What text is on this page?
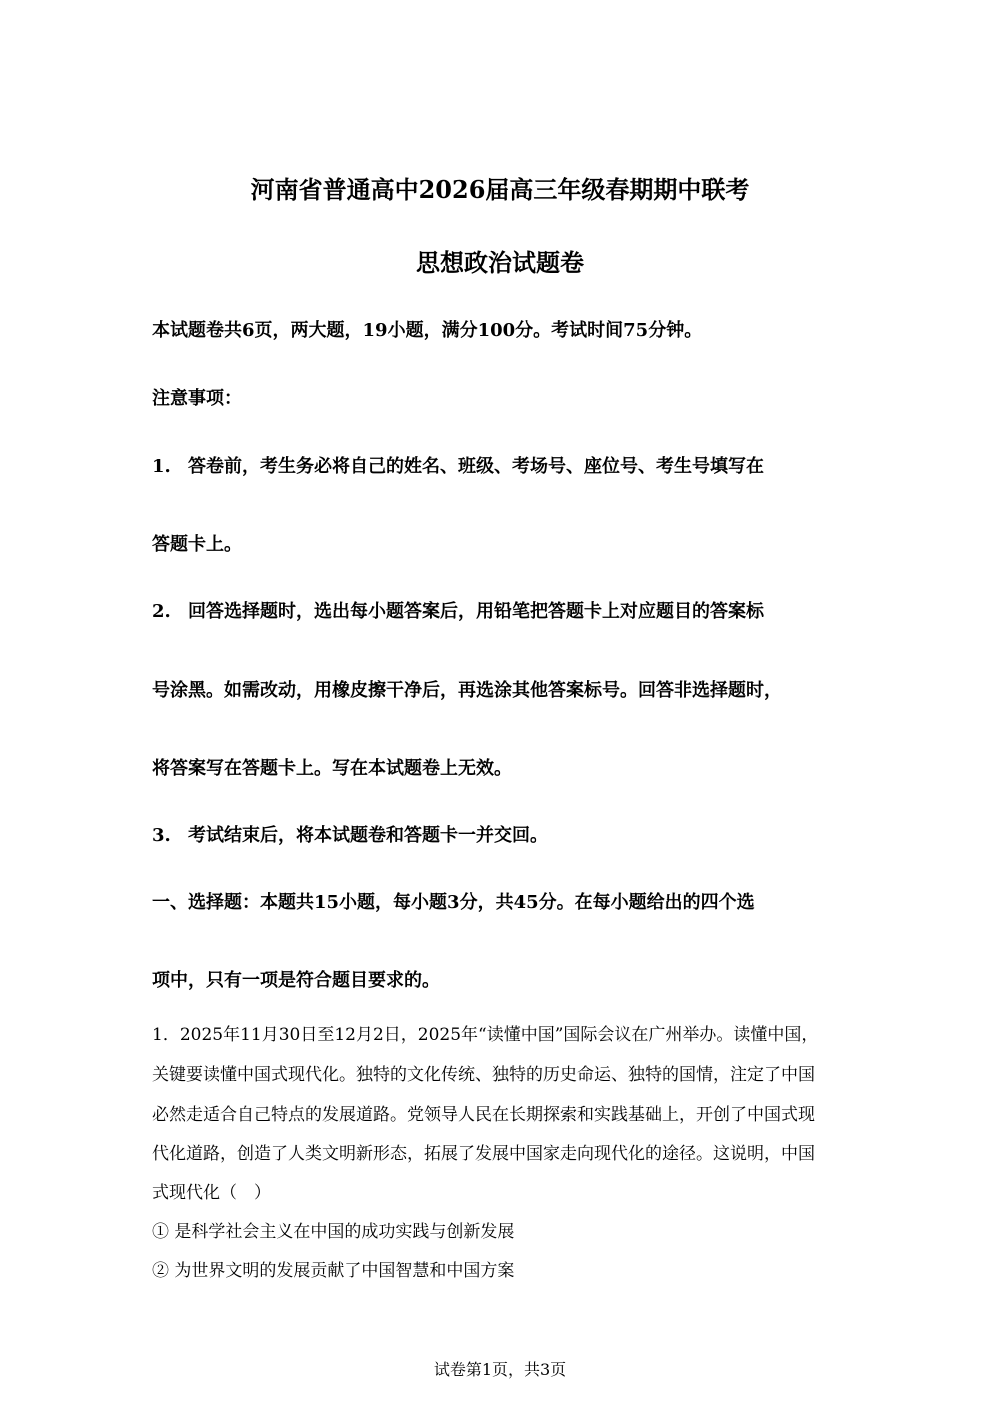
河南省普通高中2026届高三年级春期期中联考
思想政治试题卷
本试题卷共6页，两大题，19小题，满分100分。考试时间75分钟。
注意事项：
1. 答卷前，考生务必将自己的姓名、班级、考场号、座位号、考生号填写在
答题卡上。
2. 回答选择题时，选出每小题答案后，用铅笔把答题卡上对应题目的答案标
号涂黑。如需改动，用橡皮擦干净后，再选涂其他答案标号。回答非选择题时，
将答案写在答题卡上。写在本试题卷上无效。
3. 考试结束后，将本试题卷和答题卡一并交回。
一、选择题：本题共15小题，每小题3分，共45分。在每小题给出的四个选
项中，只有一项是符合题目要求的。
1．2025年11月30日至12月2日，2025年“读懂中国”国际会议在广州举办。读懂中国，
关键要读懂中国式现代化。独特的文化传统、独特的历史命运、独特的国情，注定了中国
必然走适合自己特点的发展道路。党领导人民在长期探索和实践基础上，开创了中国式现
代化道路，创造了人类文明新形态，拓展了发展中国家走向现代化的途径。这说明，中国
式现代化（　）
① 是科学社会主义在中国的成功实践与创新发展
② 为世界文明的发展贡献了中国智慧和中国方案
试卷第1页，共3页
